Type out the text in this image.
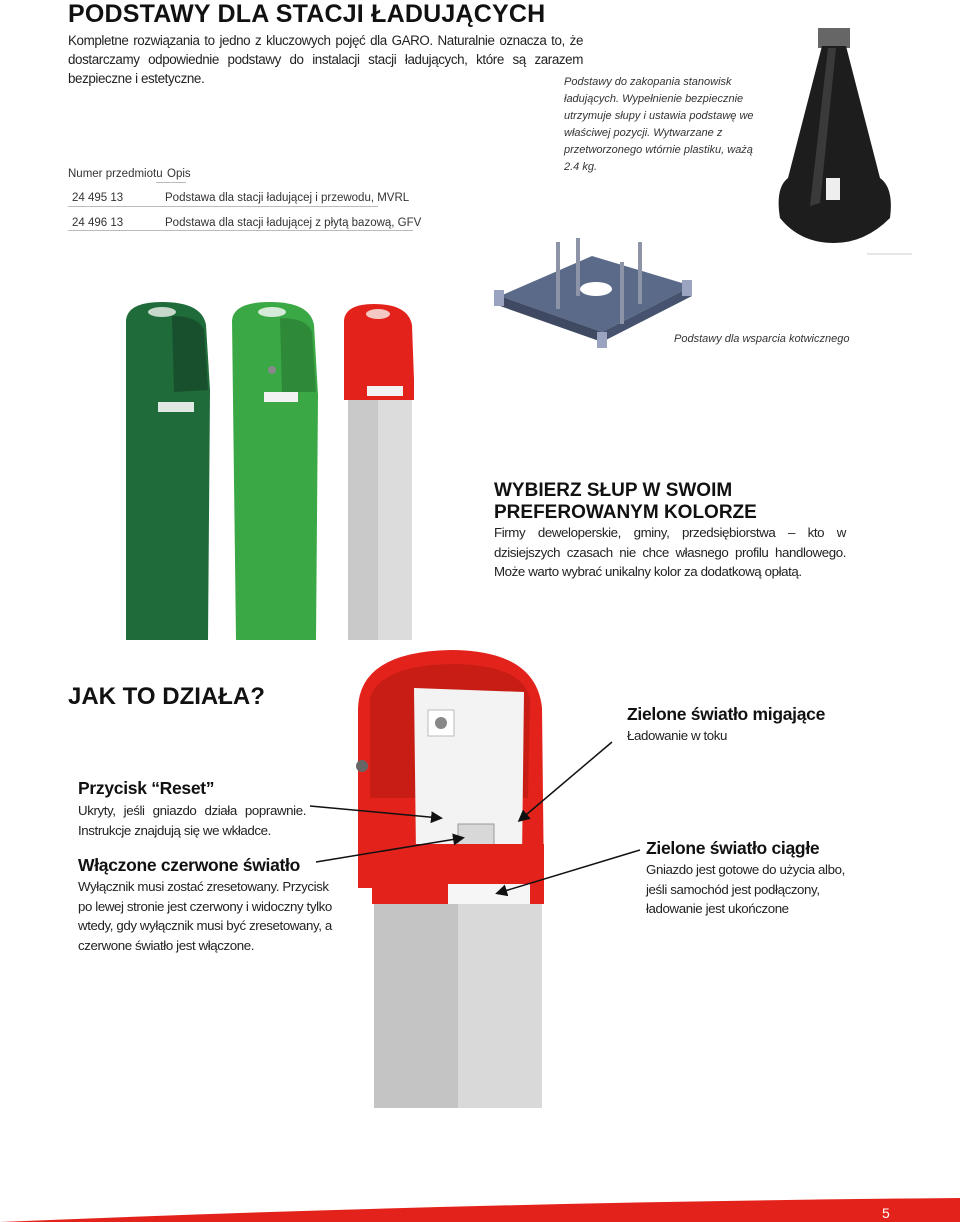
PODSTAWY DLA STACJI ŁADUJĄCYCH

Kompletne rozwiązania to jedno z kluczowych pojęć dla GARO. Naturalnie oznacza to, że dostarczamy odpowiednie podstawy do instalacji stacji ładujących, które są zarazem bezpieczne i estetyczne.

Numer przedmiotu Opis
24 495 13	Podstawa dla stacji ładującej i przewodu, MVRL
24 496 13	Podstawa dla stacji ładującej z płytą bazową, GFV

Podstawy do zakopania stanowisk ładujących. Wypełnienie bezpiecznie utrzymuje słupy i ustawia podstawę we właściwej pozycji. Wytwarzane z przetworzonego wtórnie plastiku, ważą 2.4 kg.

Podstawy dla wsparcia kotwicznego

WYBIERZ SŁUP W SWOIM PREFEROWANYM KOLORZE

Firmy deweloperskie, gminy, przedsiębiorstwa – kto w dzisiejszych czasach nie chce własnego profilu handlowego. Może warto wybrać unikalny kolor za dodatkową opłatą.

JAK TO DZIAŁA?
Przycisk “Reset”

Ukryty, jeśli gniazdo działa poprawnie. Instrukcje znajdują się we wkładce.

Włączone czerwone światło

Wyłącznik musi zostać zresetowany. Przycisk po lewej stronie jest czerwony i widoczny tylko wtedy, gdy wyłącznik musi być zresetowany, a czerwone światło jest włączone.

Zielone światło migające

Ładowanie w toku

Zielone światło ciągłe

Gniazdo jest gotowe do użycia albo, jeśli samochód jest podłączony, ładowanie jest ukończone

5
